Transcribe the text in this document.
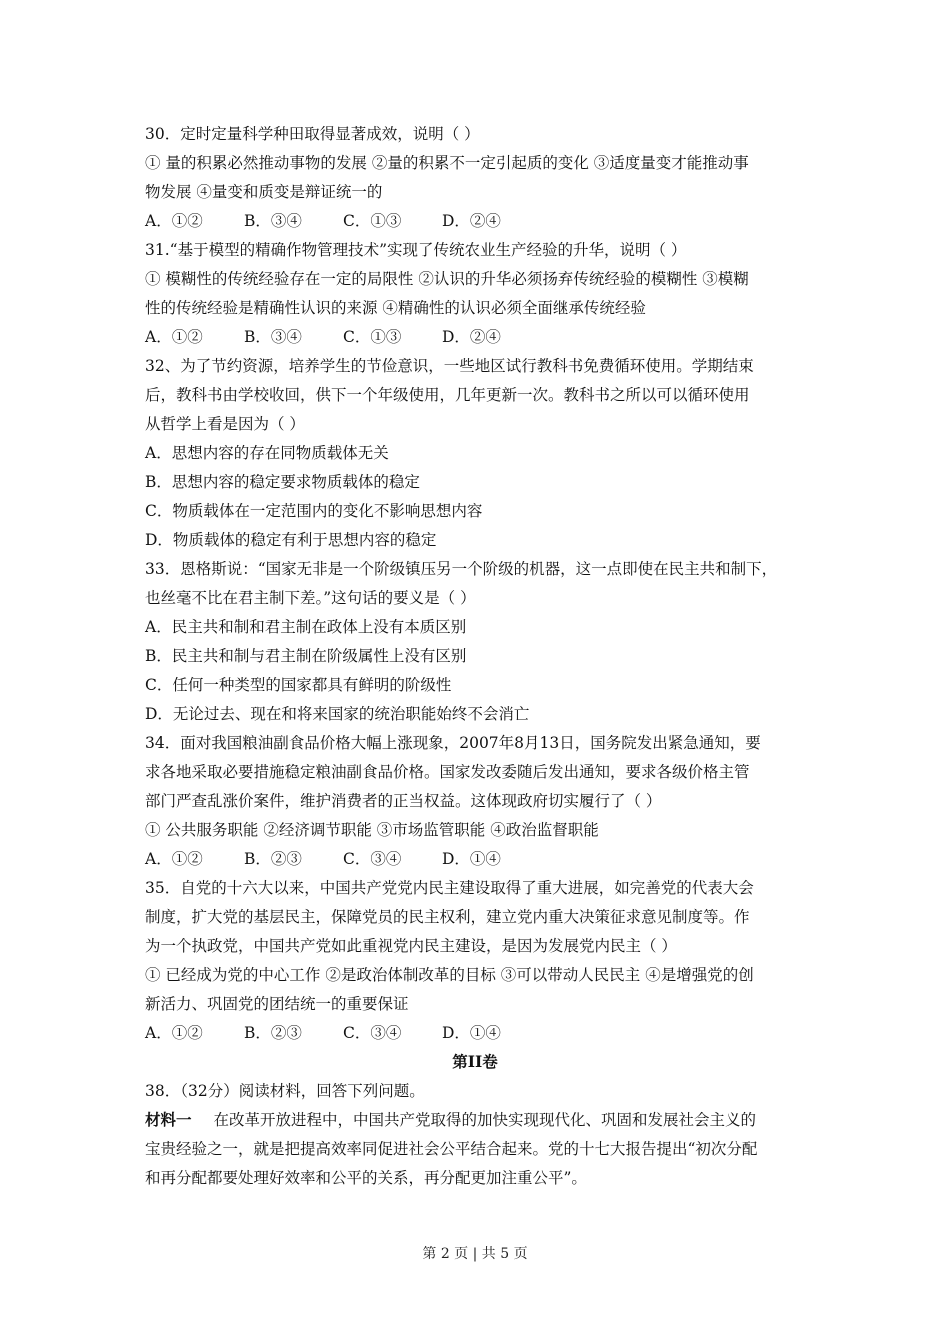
30．定时定量科学种田取得显著成效，说明（ ）
① 量的积累必然推动事物的发展 ②量的积累不一定引起质的变化 ③适度量变才能推动事
物发展 ④量变和质变是辩证统一的
A．①②	B．③④	C．①③	D．②④
31.“基于模型的精确作物管理技术”实现了传统农业生产经验的升华，说明（ ）
① 模糊性的传统经验存在一定的局限性 ②认识的升华必须扬弃传统经验的模糊性 ③模糊
性的传统经验是精确性认识的来源 ④精确性的认识必须全面继承传统经验
A．①②	B．③④	C．①③	D．②④
32、为了节约资源，培养学生的节俭意识，一些地区试行教科书免费循环使用。学期结束
后，教科书由学校收回，供下一个年级使用，几年更新一次。教科书之所以可以循环使用
从哲学上看是因为（ ）
A．思想内容的存在同物质载体无关
B．思想内容的稳定要求物质载体的稳定
C．物质载体在一定范围内的变化不影响思想内容
D．物质载体的稳定有利于思想内容的稳定
33．恩格斯说：“国家无非是一个阶级镇压另一个阶级的机器，这一点即使在民主共和制下，
也丝毫不比在君主制下差。”这句话的要义是（ ）
A．民主共和制和君主制在政体上没有本质区别
B．民主共和制与君主制在阶级属性上没有区别
C．任何一种类型的国家都具有鲜明的阶级性
D．无论过去、现在和将来国家的统治职能始终不会消亡
34．面对我国粮油副食品价格大幅上涨现象，2007年8月13日，国务院发出紧急通知，要
求各地采取必要措施稳定粮油副食品价格。国家发改委随后发出通知，要求各级价格主管
部门严查乱涨价案件，维护消费者的正当权益。这体现政府切实履行了（ ）
① 公共服务职能 ②经济调节职能 ③市场监管职能 ④政治监督职能
A．①②	B．②③	C．③④	D．①④
35．自党的十六大以来，中国共产党党内民主建设取得了重大进展，如完善党的代表大会
制度，扩大党的基层民主，保障党员的民主权利，建立党内重大决策征求意见制度等。作
为一个执政党，中国共产党如此重视党内民主建设，是因为发展党内民主（ ）
① 已经成为党的中心工作 ②是政治体制改革的目标 ③可以带动人民民主 ④是增强党的创
新活力、巩固党的团结统一的重要保证
A．①②	B．②③	C．③④	D．①④
第II卷
38．（32分）阅读材料，回答下列问题。
材料一 在改革开放进程中，中国共产党取得的加快实现现代化、巩固和发展社会主义的
宝贵经验之一，就是把提高效率同促进社会公平结合起来。党的十七大报告提出“初次分配
和再分配都要处理好效率和公平的关系，再分配更加注重公平”。
第 2 页 | 共 5 页
